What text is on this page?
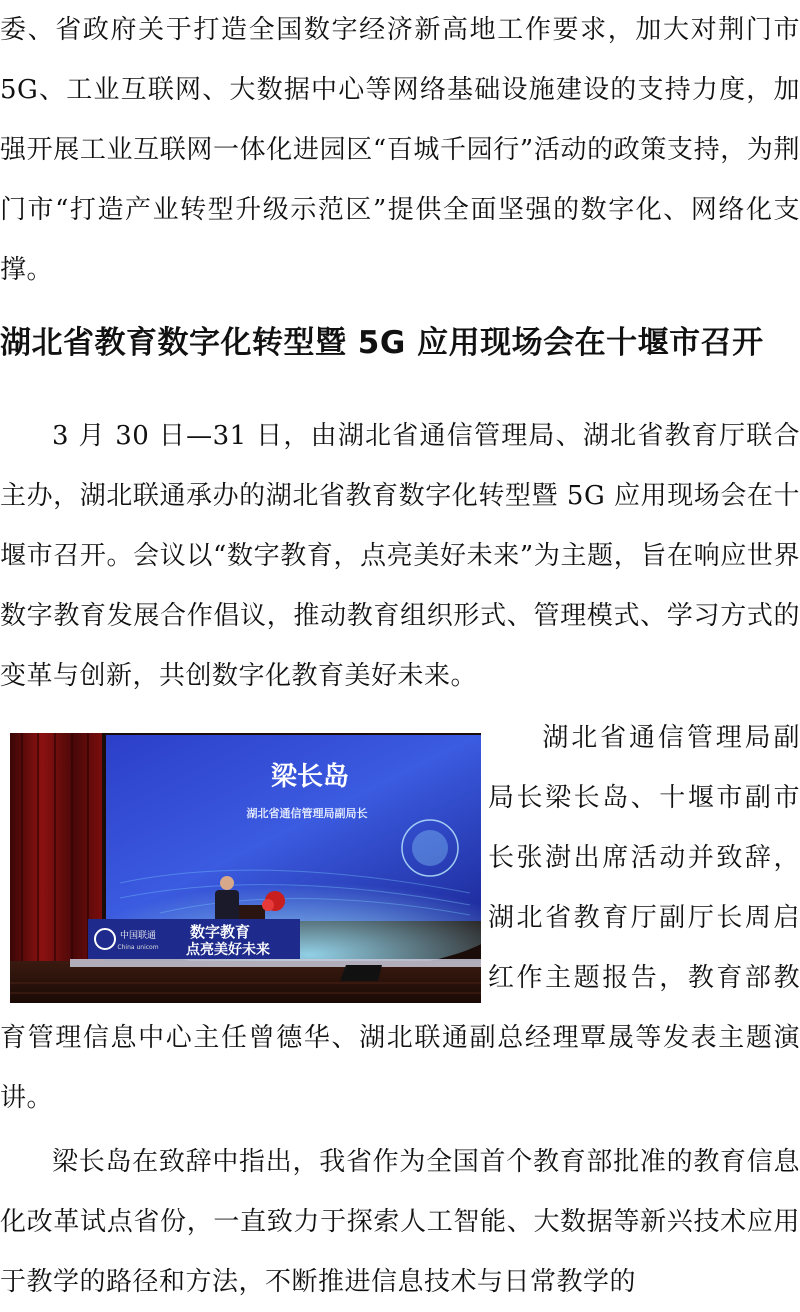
委、省政府关于打造全国数字经济新高地工作要求，加大对荆门市 5G、工业互联网、大数据中心等网络基础设施建设的支持力度，加强开展工业互联网一体化进园区“百城千园行”活动的政策支持，为荆门市“打造产业转型升级示范区”提供全面坚强的数字化、网络化支撑。

湖北省教育数字化转型暨 5G 应用现场会在十堰市召开

3 月 30 日—31 日，由湖北省通信管理局、湖北省教育厅联合主办，湖北联通承办的湖北省教育数字化转型暨 5G 应用现场会在十堰市召开。会议以“数字教育，点亮美好未来”为主题，旨在响应世界数字教育发展合作倡议，推动教育组织形式、管理模式、学习方式的变革与创新，共创数字化教育美好未来。

梁长岛
湖北省通信管理局副局长
数字教育
点亮美好未来
中国联通
China unicom

湖北省通信管理局副局长梁长岛、十堰市副市长张澍出席活动并致辞，湖北省教育厅副厅长周启红作主题报告，教育部教育管理信息中心主任曾德华、湖北联通副总经理覃晟等发表主题演讲。

梁长岛在致辞中指出，我省作为全国首个教育部批准的教育信息化改革试点省份，一直致力于探索人工智能、大数据等新兴技术应用于教学的路径和方法，不断推进信息技术与日常教学的
